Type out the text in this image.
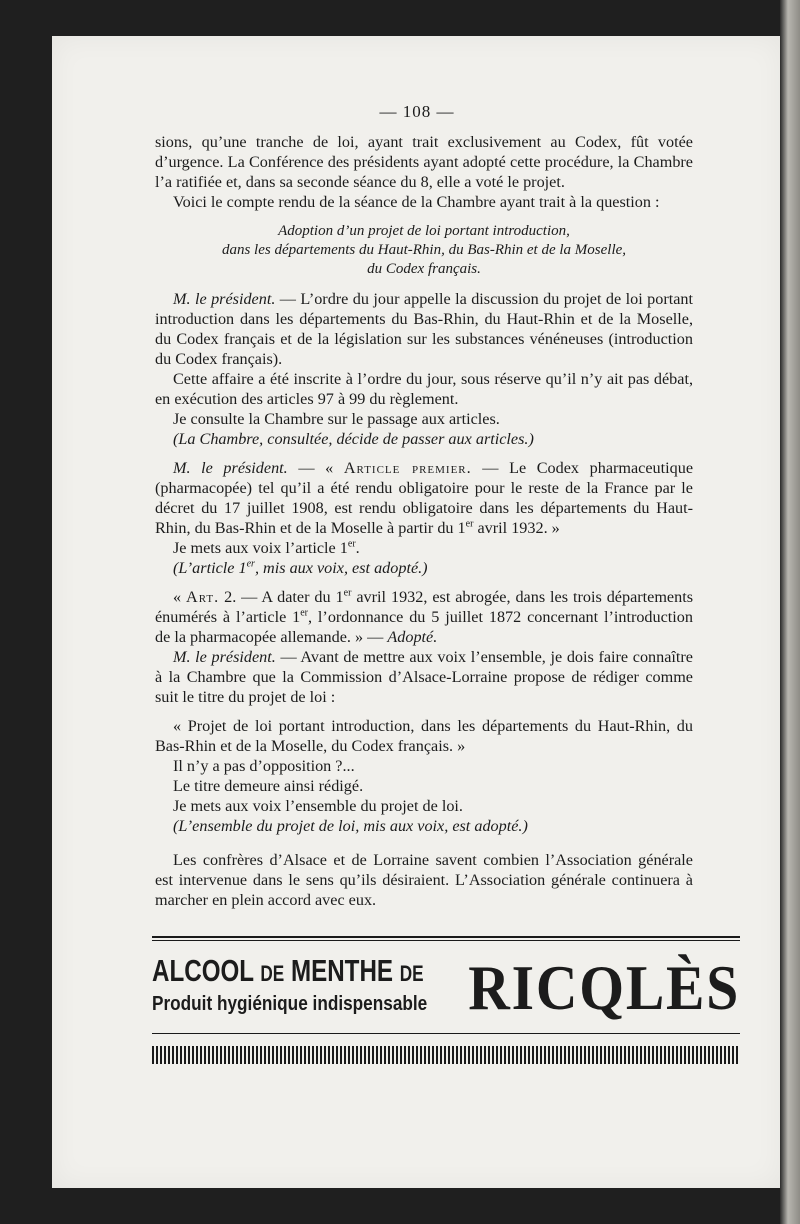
— 108 —

sions, qu’une tranche de loi, ayant trait exclusivement au Codex, fût votée d’urgence. La Conférence des présidents ayant adopté cette procédure, la Chambre l’a ratifiée et, dans sa seconde séance du 8, elle a voté le projet.

Voici le compte rendu de la séance de la Chambre ayant trait à la question :

Adoption d’un projet de loi portant introduction,
dans les départements du Haut-Rhin, du Bas-Rhin et de la Moselle,
du Codex français.

M. le président. — L’ordre du jour appelle la discussion du projet de loi portant introduction dans les départements du Bas-Rhin, du Haut-Rhin et de la Moselle, du Codex français et de la législation sur les substances vénéneuses (introduction du Codex français).

Cette affaire a été inscrite à l’ordre du jour, sous réserve qu’il n’y ait pas débat, en exécution des articles 97 à 99 du règlement.

Je consulte la Chambre sur le passage aux articles.

(La Chambre, consultée, décide de passer aux articles.)

M. le président. — « Article premier. — Le Codex pharmaceutique (pharmacopée) tel qu’il a été rendu obligatoire pour le reste de la France par le décret du 17 juillet 1908, est rendu obligatoire dans les départements du Haut-Rhin, du Bas-Rhin et de la Moselle à partir du 1er avril 1932. »

Je mets aux voix l’article 1er.

(L’article 1er, mis aux voix, est adopté.)

« Art. 2. — A dater du 1er avril 1932, est abrogée, dans les trois départements énumérés à l’article 1er, l’ordonnance du 5 juillet 1872 concernant l’introduction de la pharmacopée allemande. » — Adopté.

M. le président. — Avant de mettre aux voix l’ensemble, je dois faire connaître à la Chambre que la Commission d’Alsace-Lorraine propose de rédiger comme suit le titre du projet de loi :

« Projet de loi portant introduction, dans les départements du Haut-Rhin, du Bas-Rhin et de la Moselle, du Codex français. »

Il n’y a pas d’opposition ?...

Le titre demeure ainsi rédigé.

Je mets aux voix l’ensemble du projet de loi.

(L’ensemble du projet de loi, mis aux voix, est adopté.)

Les confrères d’Alsace et de Lorraine savent combien l’Association générale est intervenue dans le sens qu’ils désiraient. L’Association générale continuera à marcher en plein accord avec eux.

ALCOOL DE MENTHE DE
Produit hygiénique indispensable RICQLÈS
